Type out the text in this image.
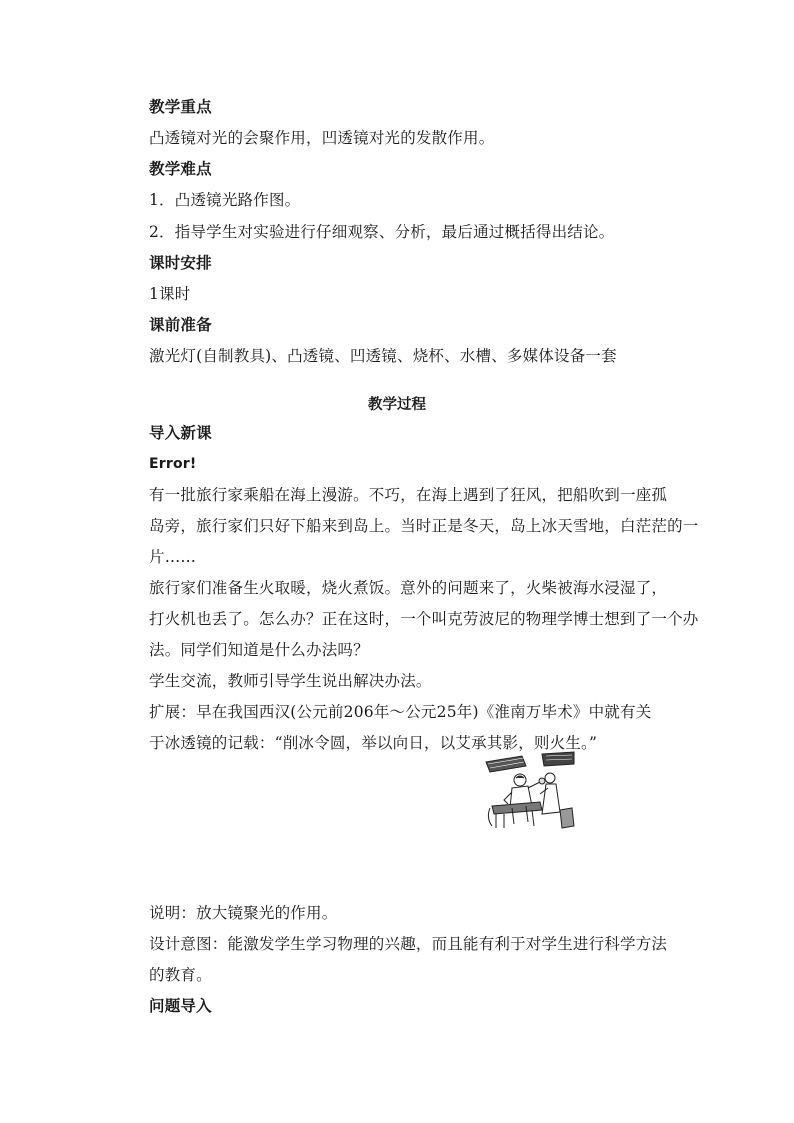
教学重点
凸透镜对光的会聚作用，凹透镜对光的发散作用。
教学难点
1．凸透镜光路作图。
2．指导学生对实验进行仔细观察、分析，最后通过概括得出结论。
课时安排
1课时
课前准备
激光灯(自制教具)、凸透镜、凹透镜、烧杯、水槽、多媒体设备一套
教学过程
导入新课
Error!
有一批旅行家乘船在海上漫游。不巧，在海上遇到了狂风，把船吹到一座孤
岛旁，旅行家们只好下船来到岛上。当时正是冬天，岛上冰天雪地，白茫茫的一
片……
旅行家们准备生火取暖，烧火煮饭。意外的问题来了，火柴被海水浸湿了，
打火机也丢了。怎么办？正在这时，一个叫克劳波尼的物理学博士想到了一个办
法。同学们知道是什么办法吗？
学生交流，教师引导学生说出解决办法。
扩展：早在我国西汉(公元前206年～公元25年)《淮南万毕术》中就有关
于冰透镜的记载：“削冰令圆，举以向日，以艾承其影，则火生。”
说明：放大镜聚光的作用。
设计意图：能激发学生学习物理的兴趣，而且能有利于对学生进行科学方法
的教育。
问题导入
